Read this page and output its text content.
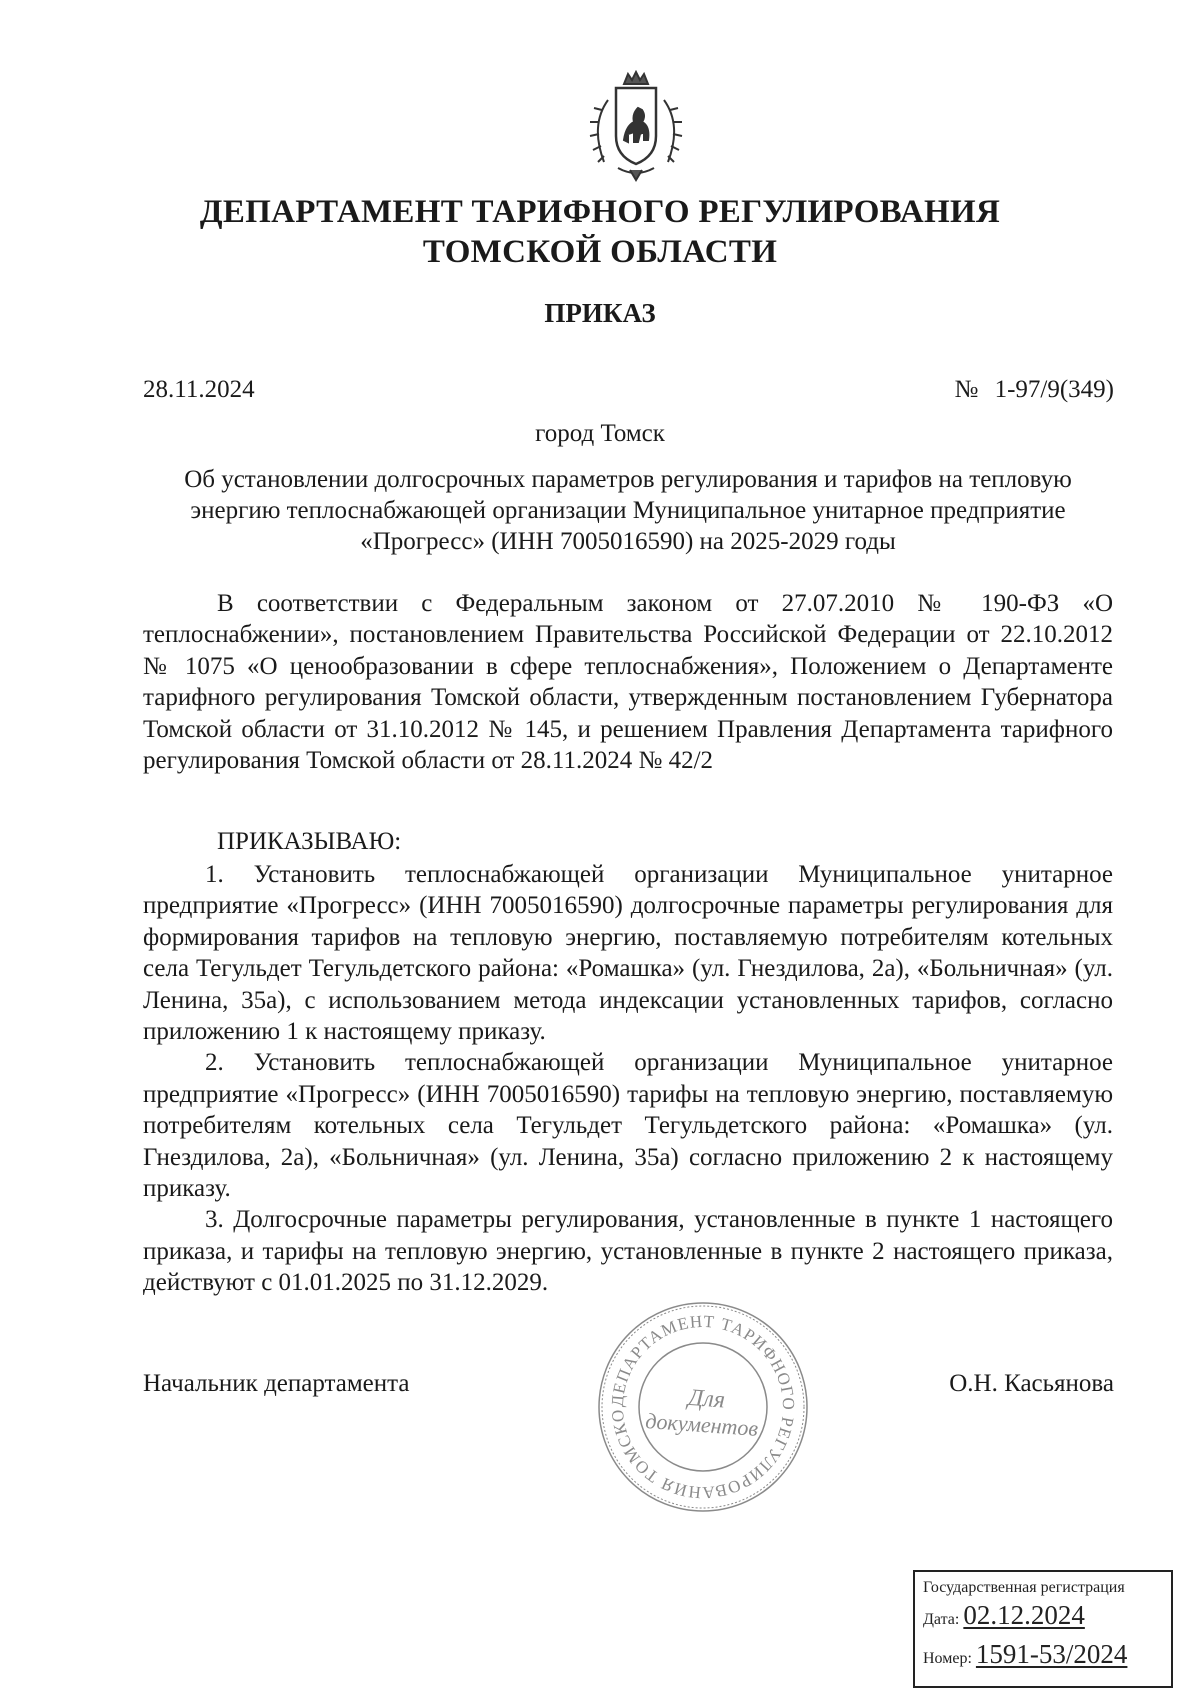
ДЕПАРТАМЕНТ ТАРИФНОГО РЕГУЛИРОВАНИЯ
ТОМСКОЙ ОБЛАСТИ
ПРИКАЗ
28.11.2024	№ 1-97/9(349)
город Томск
Об установлении долгосрочных параметров регулирования и тарифов на тепловую энергию теплоснабжающей организации Муниципальное унитарное предприятие «Прогресс» (ИНН 7005016590) на 2025-2029 годы
В соответствии с Федеральным законом от 27.07.2010 № 190-ФЗ «О теплоснабжении», постановлением Правительства Российской Федерации от 22.10.2012 № 1075 «О ценообразовании в сфере теплоснабжения», Положением о Департаменте тарифного регулирования Томской области, утвержденным постановлением Губернатора Томской области от 31.10.2012 № 145, и решением Правления Департамента тарифного регулирования Томской области от 28.11.2024 № 42/2
ПРИКАЗЫВАЮ:

1. Установить теплоснабжающей организации Муниципальное унитарное предприятие «Прогресс» (ИНН 7005016590) долгосрочные параметры регулирования для формирования тарифов на тепловую энергию, поставляемую потребителям котельных села Тегульдет Тегульдетского района: «Ромашка» (ул. Гнездилова, 2а), «Больничная» (ул. Ленина, 35а), с использованием метода индексации установленных тарифов, согласно приложению 1 к настоящему приказу.

2. Установить теплоснабжающей организации Муниципальное унитарное предприятие «Прогресс» (ИНН 7005016590) тарифы на тепловую энергию, поставляемую потребителям котельных села Тегульдет Тегульдетского района: «Ромашка» (ул. Гнездилова, 2а), «Больничная» (ул. Ленина, 35а) согласно приложению 2 к настоящему приказу.

3. Долгосрочные параметры регулирования, установленные в пункте 1 настоящего приказа, и тарифы на тепловую энергию, установленные в пункте 2 настоящего приказа, действуют с 01.01.2025 по 31.12.2029.

Начальник департамента	О.Н. Касьянова
ДЕПАРТАМЕНТ ТАРИФНОГО РЕГУЛИРОВАНИЯ ТОМСКО
Для
документов
Государственная регистрация
Дата: 02.12.2024
Номер: 1591-53/2024
